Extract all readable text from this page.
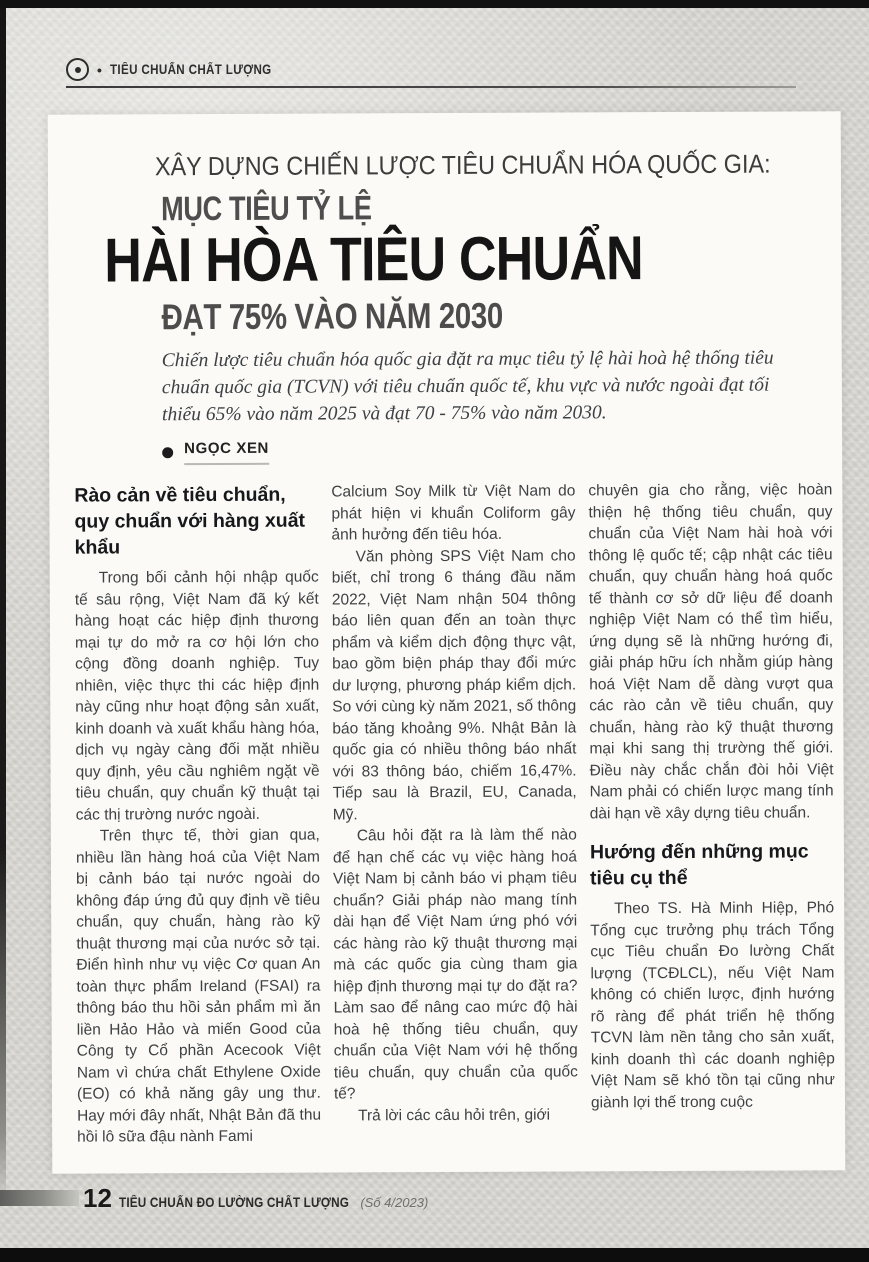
• TIÊU CHUẨN CHẤT LƯỢNG
XÂY DỰNG CHIẾN LƯỢC TIÊU CHUẨN HÓA QUỐC GIA:
MỤC TIÊU TỶ LỆ
HÀI HÒA TIÊU CHUẨN
ĐẠT 75% VÀO NĂM 2030
Chiến lược tiêu chuẩn hóa quốc gia đặt ra mục tiêu tỷ lệ hài hoà hệ thống tiêu chuẩn quốc gia (TCVN) với tiêu chuẩn quốc tế, khu vực và nước ngoài đạt tối thiểu 65% vào năm 2025 và đạt 70 - 75% vào năm 2030.
NGỌC XEN
Rào cản về tiêu chuẩn, quy chuẩn với hàng xuất khẩu

Trong bối cảnh hội nhập quốc tế sâu rộng, Việt Nam đã ký kết hàng hoạt các hiệp định thương mại tự do mở ra cơ hội lớn cho cộng đồng doanh nghiệp. Tuy nhiên, việc thực thi các hiệp định này cũng như hoạt động sản xuất, kinh doanh và xuất khẩu hàng hóa, dịch vụ ngày càng đối mặt nhiều quy định, yêu cầu nghiêm ngặt về tiêu chuẩn, quy chuẩn kỹ thuật tại các thị trường nước ngoài.

Trên thực tế, thời gian qua, nhiều lần hàng hoá của Việt Nam bị cảnh báo tại nước ngoài do không đáp ứng đủ quy định về tiêu chuẩn, quy chuẩn, hàng rào kỹ thuật thương mại của nước sở tại. Điển hình như vụ việc Cơ quan An toàn thực phẩm Ireland (FSAI) ra thông báo thu hồi sản phẩm mì ăn liền Hảo Hảo và miến Good của Công ty Cổ phần Acecook Việt Nam vì chứa chất Ethylene Oxide (EO) có khả năng gây ung thư. Hay mới đây nhất, Nhật Bản đã thu hồi lô sữa đậu nành Fami

Calcium Soy Milk từ Việt Nam do phát hiện vi khuẩn Coliform gây ảnh hưởng đến tiêu hóa.

Văn phòng SPS Việt Nam cho biết, chỉ trong 6 tháng đầu năm 2022, Việt Nam nhận 504 thông báo liên quan đến an toàn thực phẩm và kiểm dịch động thực vật, bao gồm biện pháp thay đổi mức dư lượng, phương pháp kiểm dịch. So với cùng kỳ năm 2021, số thông báo tăng khoảng 9%. Nhật Bản là quốc gia có nhiều thông báo nhất với 83 thông báo, chiếm 16,47%. Tiếp sau là Brazil, EU, Canada, Mỹ.

Câu hỏi đặt ra là làm thế nào để hạn chế các vụ việc hàng hoá Việt Nam bị cảnh báo vi phạm tiêu chuẩn? Giải pháp nào mang tính dài hạn để Việt Nam ứng phó với các hàng rào kỹ thuật thương mại mà các quốc gia cùng tham gia hiệp định thương mại tự do đặt ra? Làm sao để nâng cao mức độ hài hoà hệ thống tiêu chuẩn, quy chuẩn của Việt Nam với hệ thống tiêu chuẩn, quy chuẩn của quốc tế?

Trả lời các câu hỏi trên, giới

chuyên gia cho rằng, việc hoàn thiện hệ thống tiêu chuẩn, quy chuẩn của Việt Nam hài hoà với thông lệ quốc tế; cập nhật các tiêu chuẩn, quy chuẩn hàng hoá quốc tế thành cơ sở dữ liệu để doanh nghiệp Việt Nam có thể tìm hiểu, ứng dụng sẽ là những hướng đi, giải pháp hữu ích nhằm giúp hàng hoá Việt Nam dễ dàng vượt qua các rào cản về tiêu chuẩn, quy chuẩn, hàng rào kỹ thuật thương mại khi sang thị trường thế giới. Điều này chắc chắn đòi hỏi Việt Nam phải có chiến lược mang tính dài hạn về xây dựng tiêu chuẩn.

Hướng đến những mục tiêu cụ thể

Theo TS. Hà Minh Hiệp, Phó Tổng cục trưởng phụ trách Tổng cục Tiêu chuẩn Đo lường Chất lượng (TCĐLCL), nếu Việt Nam không có chiến lược, định hướng rõ ràng để phát triển hệ thống TCVN làm nền tảng cho sản xuất, kinh doanh thì các doanh nghiệp Việt Nam sẽ khó tồn tại cũng như giành lợi thế trong cuộc

12 TIÊU CHUẨN ĐO LƯỜNG CHẤT LƯỢNG (Số 4/2023)
